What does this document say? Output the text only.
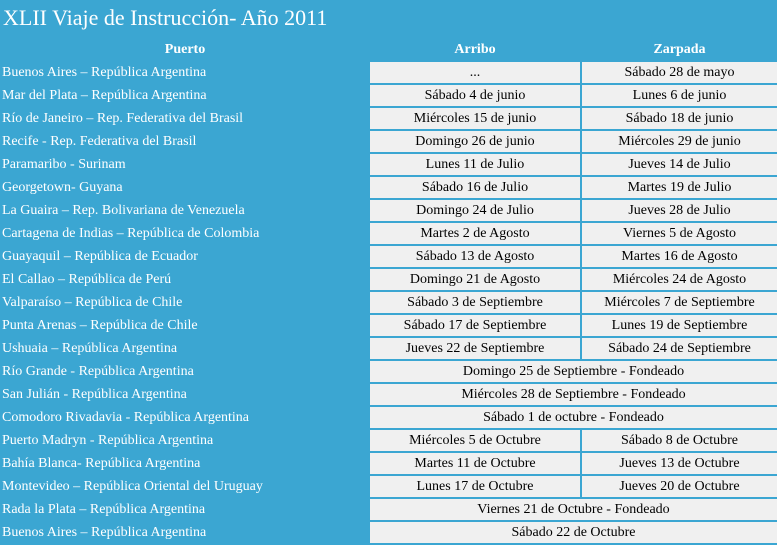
XLII Viaje de Instrucción- Año 2011
Puerto	Arribo	Zarpada
Buenos Aires – República Argentina	...	Sábado 28 de mayo
Mar del Plata – República Argentina	Sábado 4 de junio	Lunes 6 de junio
Río de Janeiro – Rep. Federativa del Brasil	Miércoles 15 de junio	Sábado 18 de junio
Recife - Rep. Federativa del Brasil	Domingo 26 de junio	Miércoles 29 de junio
Paramaribo - Surinam	Lunes 11 de Julio	Jueves 14 de Julio
Georgetown- Guyana	Sábado 16 de Julio	Martes 19 de Julio
La Guaira – Rep. Bolivariana de Venezuela	Domingo 24 de Julio	Jueves 28 de Julio
Cartagena de Indias – República de Colombia	Martes 2 de Agosto	Viernes 5 de Agosto
Guayaquil – República de Ecuador	Sábado 13 de Agosto	Martes 16 de Agosto
El Callao – República de Perú	Domingo 21 de Agosto	Miércoles 24 de Agosto
Valparaíso – República de Chile	Sábado 3 de Septiembre	Miércoles 7 de Septiembre
Punta Arenas – República de Chile	Sábado 17 de Septiembre	Lunes 19 de Septiembre
Ushuaia – República Argentina	Jueves 22 de Septiembre	Sábado 24 de Septiembre
Río Grande - República Argentina	Domingo 25 de Septiembre - Fondeado	
San Julián - República Argentina	Miércoles 28 de Septiembre - Fondeado	
Comodoro Rivadavia - República Argentina	Sábado 1 de octubre - Fondeado	
Puerto Madryn - República Argentina	Miércoles 5 de Octubre	Sábado 8 de Octubre
Bahía Blanca- República Argentina	Martes 11 de Octubre	Jueves 13 de Octubre
Montevideo – República Oriental del Uruguay	Lunes 17 de Octubre	Jueves 20 de Octubre
Rada la Plata – República Argentina	Viernes 21 de Octubre - Fondeado	
Buenos Aires – República Argentina	Sábado 22 de Octubre	
